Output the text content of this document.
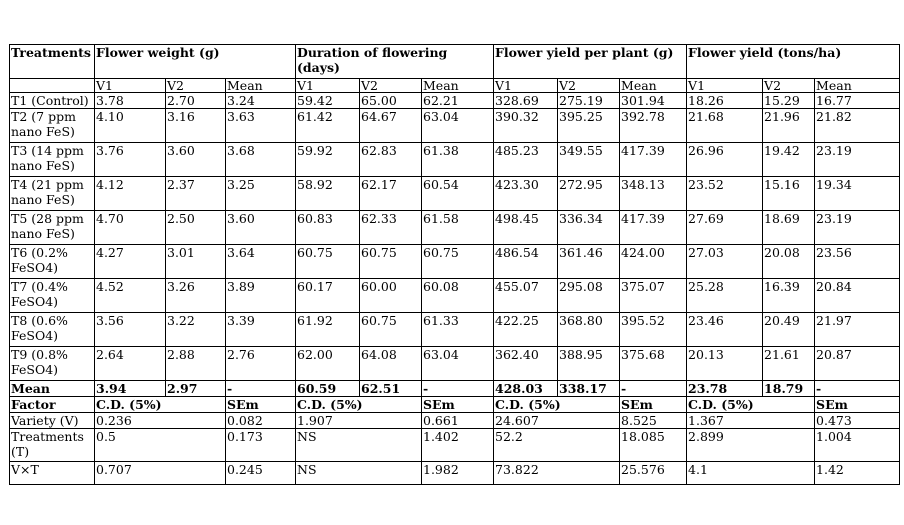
Treatments	Flower weight (g)			Duration of flowering (days)			Flower yield per plant (g)			Flower yield (tons/ha)		
	V1	V2	Mean	V1	V2	Mean	V1	V2	Mean	V1	V2	Mean
T1 (Control)	3.78	2.70	3.24	59.42	65.00	62.21	328.69	275.19	301.94	18.26	15.29	16.77
T2 (7 ppm nano FeS)	4.10	3.16	3.63	61.42	64.67	63.04	390.32	395.25	392.78	21.68	21.96	21.82
T3 (14 ppm nano FeS)	3.76	3.60	3.68	59.92	62.83	61.38	485.23	349.55	417.39	26.96	19.42	23.19
T4 (21 ppm nano FeS)	4.12	2.37	3.25	58.92	62.17	60.54	423.30	272.95	348.13	23.52	15.16	19.34
T5 (28 ppm nano FeS)	4.70	2.50	3.60	60.83	62.33	61.58	498.45	336.34	417.39	27.69	18.69	23.19
T6 (0.2% FeSO4)	4.27	3.01	3.64	60.75	60.75	60.75	486.54	361.46	424.00	27.03	20.08	23.56
T7 (0.4% FeSO4)	4.52	3.26	3.89	60.17	60.00	60.08	455.07	295.08	375.07	25.28	16.39	20.84
T8 (0.6% FeSO4)	3.56	3.22	3.39	61.92	60.75	61.33	422.25	368.80	395.52	23.46	20.49	21.97
T9 (0.8% FeSO4)	2.64	2.88	2.76	62.00	64.08	63.04	362.40	388.95	375.68	20.13	21.61	20.87
Mean	3.94	2.97	-	60.59	62.51	-	428.03	338.17	-	23.78	18.79	-
Factor	C.D. (5%)		SEm	C.D. (5%)		SEm	C.D. (5%)		SEm	C.D. (5%)		SEm
Variety (V)	0.236		0.082	1.907		0.661	24.607		8.525	1.367		0.473
Treatments (T)	0.5		0.173	NS		1.402	52.2		18.085	2.899		1.004
V×T	0.707		0.245	NS		1.982	73.822		25.576	4.1		1.42
